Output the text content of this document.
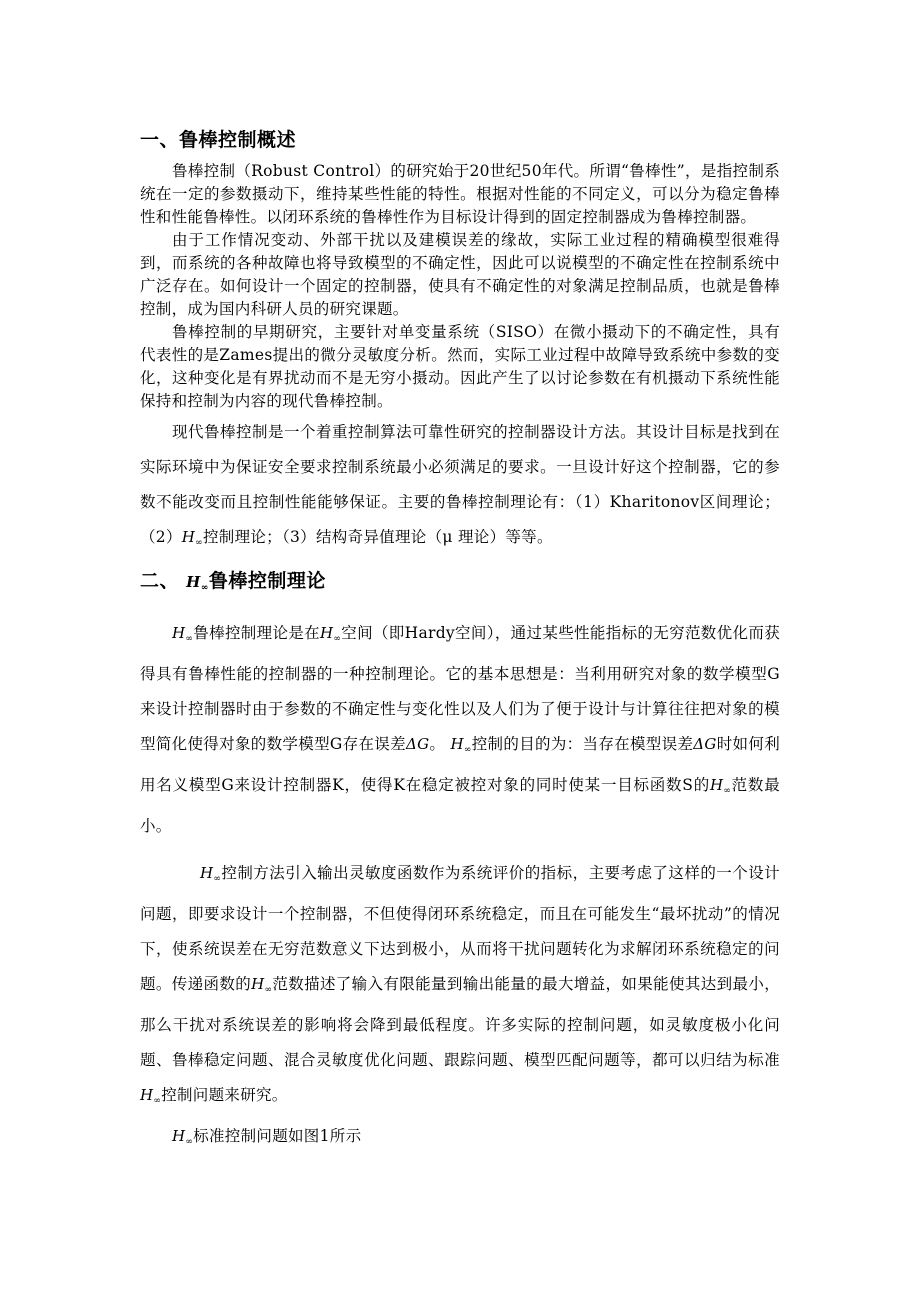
一、鲁棒控制概述

鲁棒控制（Robust Control）的研究始于20世纪50年代。所谓“鲁棒性”，是指控制系统在一定的参数摄动下，维持某些性能的特性。根据对性能的不同定义，可以分为稳定鲁棒性和性能鲁棒性。以闭环系统的鲁棒性作为目标设计得到的固定控制器成为鲁棒控制器。

由于工作情况变动、外部干扰以及建模误差的缘故，实际工业过程的精确模型很难得到，而系统的各种故障也将导致模型的不确定性，因此可以说模型的不确定性在控制系统中广泛存在。如何设计一个固定的控制器，使具有不确定性的对象满足控制品质，也就是鲁棒控制，成为国内科研人员的研究课题。

鲁棒控制的早期研究，主要针对单变量系统（SISO）在微小摄动下的不确定性，具有代表性的是Zames提出的微分灵敏度分析。然而，实际工业过程中故障导致系统中参数的变化，这种变化是有界扰动而不是无穷小摄动。因此产生了以讨论参数在有机摄动下系统性能保持和控制为内容的现代鲁棒控制。

现代鲁棒控制是一个着重控制算法可靠性研究的控制器设计方法。其设计目标是找到在实际环境中为保证安全要求控制系统最小必须满足的要求。一旦设计好这个控制器，它的参数不能改变而且控制性能能够保证。主要的鲁棒控制理论有：（1）Kharitonov区间理论；$(2)H_\infty$控制理论；（3）结构奇异值理论（μ 理论）等等。

二、 $H_\infty$鲁棒控制理论

$H_\infty$鲁棒控制理论是在$H_\infty$空间（即Hardy空间），通过某些性能指标的无穷范数优化而获得具有鲁棒性能的控制器的一种控制理论。它的基本思想是：当利用研究对象的数学模型G来设计控制器时由于参数的不确定性与变化性以及人们为了便于设计与计算往往把对象的模型简化使得对象的数学模型G存在误差ΔG。 $H_\infty$控制的目的为：当存在模型误差ΔG时如何利用名义模型G来设计控制器K，使得K在稳定被控对象的同时使某一目标函数S的$H_\infty$范数最小。

$H_\infty$控制方法引入输出灵敏度函数作为系统评价的指标，主要考虑了这样的一个设计问题，即要求设计一个控制器，不但使得闭环系统稳定，而且在可能发生“最坏扰动”的情况下，使系统误差在无穷范数意义下达到极小，从而将干扰问题转化为求解闭环系统稳定的问题。传递函数的$H_\infty$范数描述了输入有限能量到输出能量的最大增益，如果能使其达到最小，那么干扰对系统误差的影响将会降到最低程度。许多实际的控制问题，如灵敏度极小化问题、鲁棒稳定问题、混合灵敏度优化问题、跟踪问题、模型匹配问题等，都可以归结为标准$H_\infty$控制问题来研究。

$H_\infty$标准控制问题如图1所示
